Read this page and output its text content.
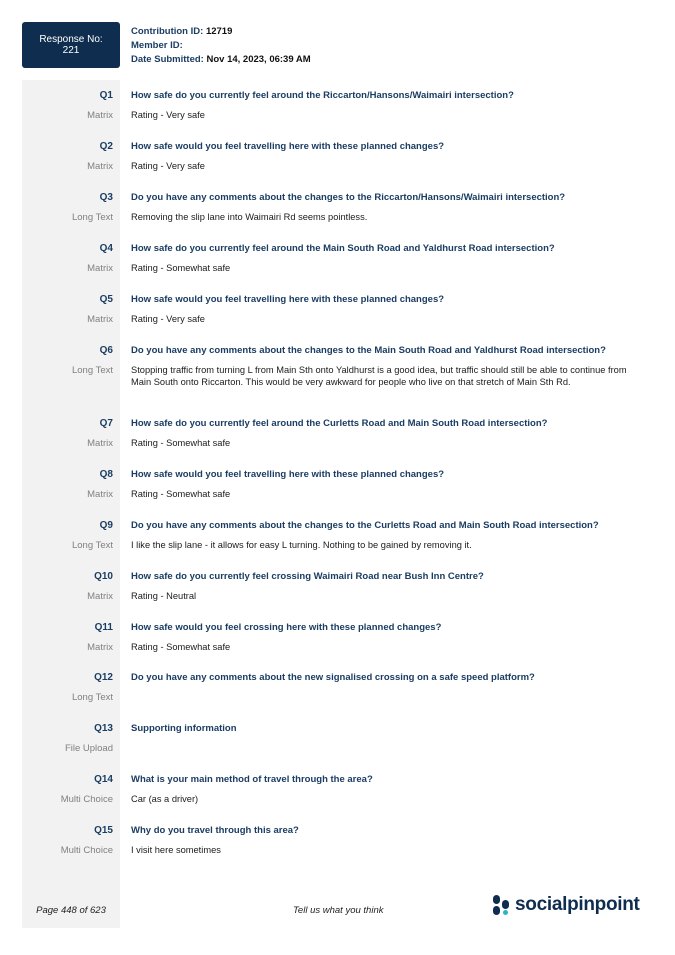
Response No:
221
Contribution ID: 12719
Member ID:
Date Submitted: Nov 14, 2023, 06:39 AM
Q1 How safe do you currently feel around the Riccarton/Hansons/Waimairi intersection?
Matrix Rating - Very safe
Q2 How safe would you feel travelling here with these planned changes?
Matrix Rating - Very safe
Q3 Do you have any comments about the changes to the Riccarton/Hansons/Waimairi intersection?
Long Text Removing the slip lane into Waimairi Rd seems pointless.
Q4 How safe do you currently feel around the Main South Road and Yaldhurst Road intersection?
Matrix Rating - Somewhat safe
Q5 How safe would you feel travelling here with these planned changes?
Matrix Rating - Very safe
Q6 Do you have any comments about the changes to the Main South Road and Yaldhurst Road intersection?
Long Text Stopping traffic from turning L from Main Sth onto Yaldhurst is a good idea, but traffic should still be able to continue from Main South onto Riccarton. This would be very awkward for people who live on that stretch of Main Sth Rd.
Q7 How safe do you currently feel around the Curletts Road and Main South Road intersection?
Matrix Rating - Somewhat safe
Q8 How safe would you feel travelling here with these planned changes?
Matrix Rating - Somewhat safe
Q9 Do you have any comments about the changes to the Curletts Road and Main South Road intersection?
Long Text I like the slip lane - it allows for easy L turning. Nothing to be gained by removing it.
Q10 How safe do you currently feel crossing Waimairi Road near Bush Inn Centre?
Matrix Rating - Neutral
Q11 How safe would you feel crossing here with these planned changes?
Matrix Rating - Somewhat safe
Q12 Do you have any comments about the new signalised crossing on a safe speed platform?
Long Text
Q13 Supporting information
File Upload
Q14 What is your main method of travel through the area?
Multi Choice Car (as a driver)
Q15 Why do you travel through this area?
Multi Choice I visit here sometimes
Page 448 of 623	Tell us what you think	socialpinpoint
